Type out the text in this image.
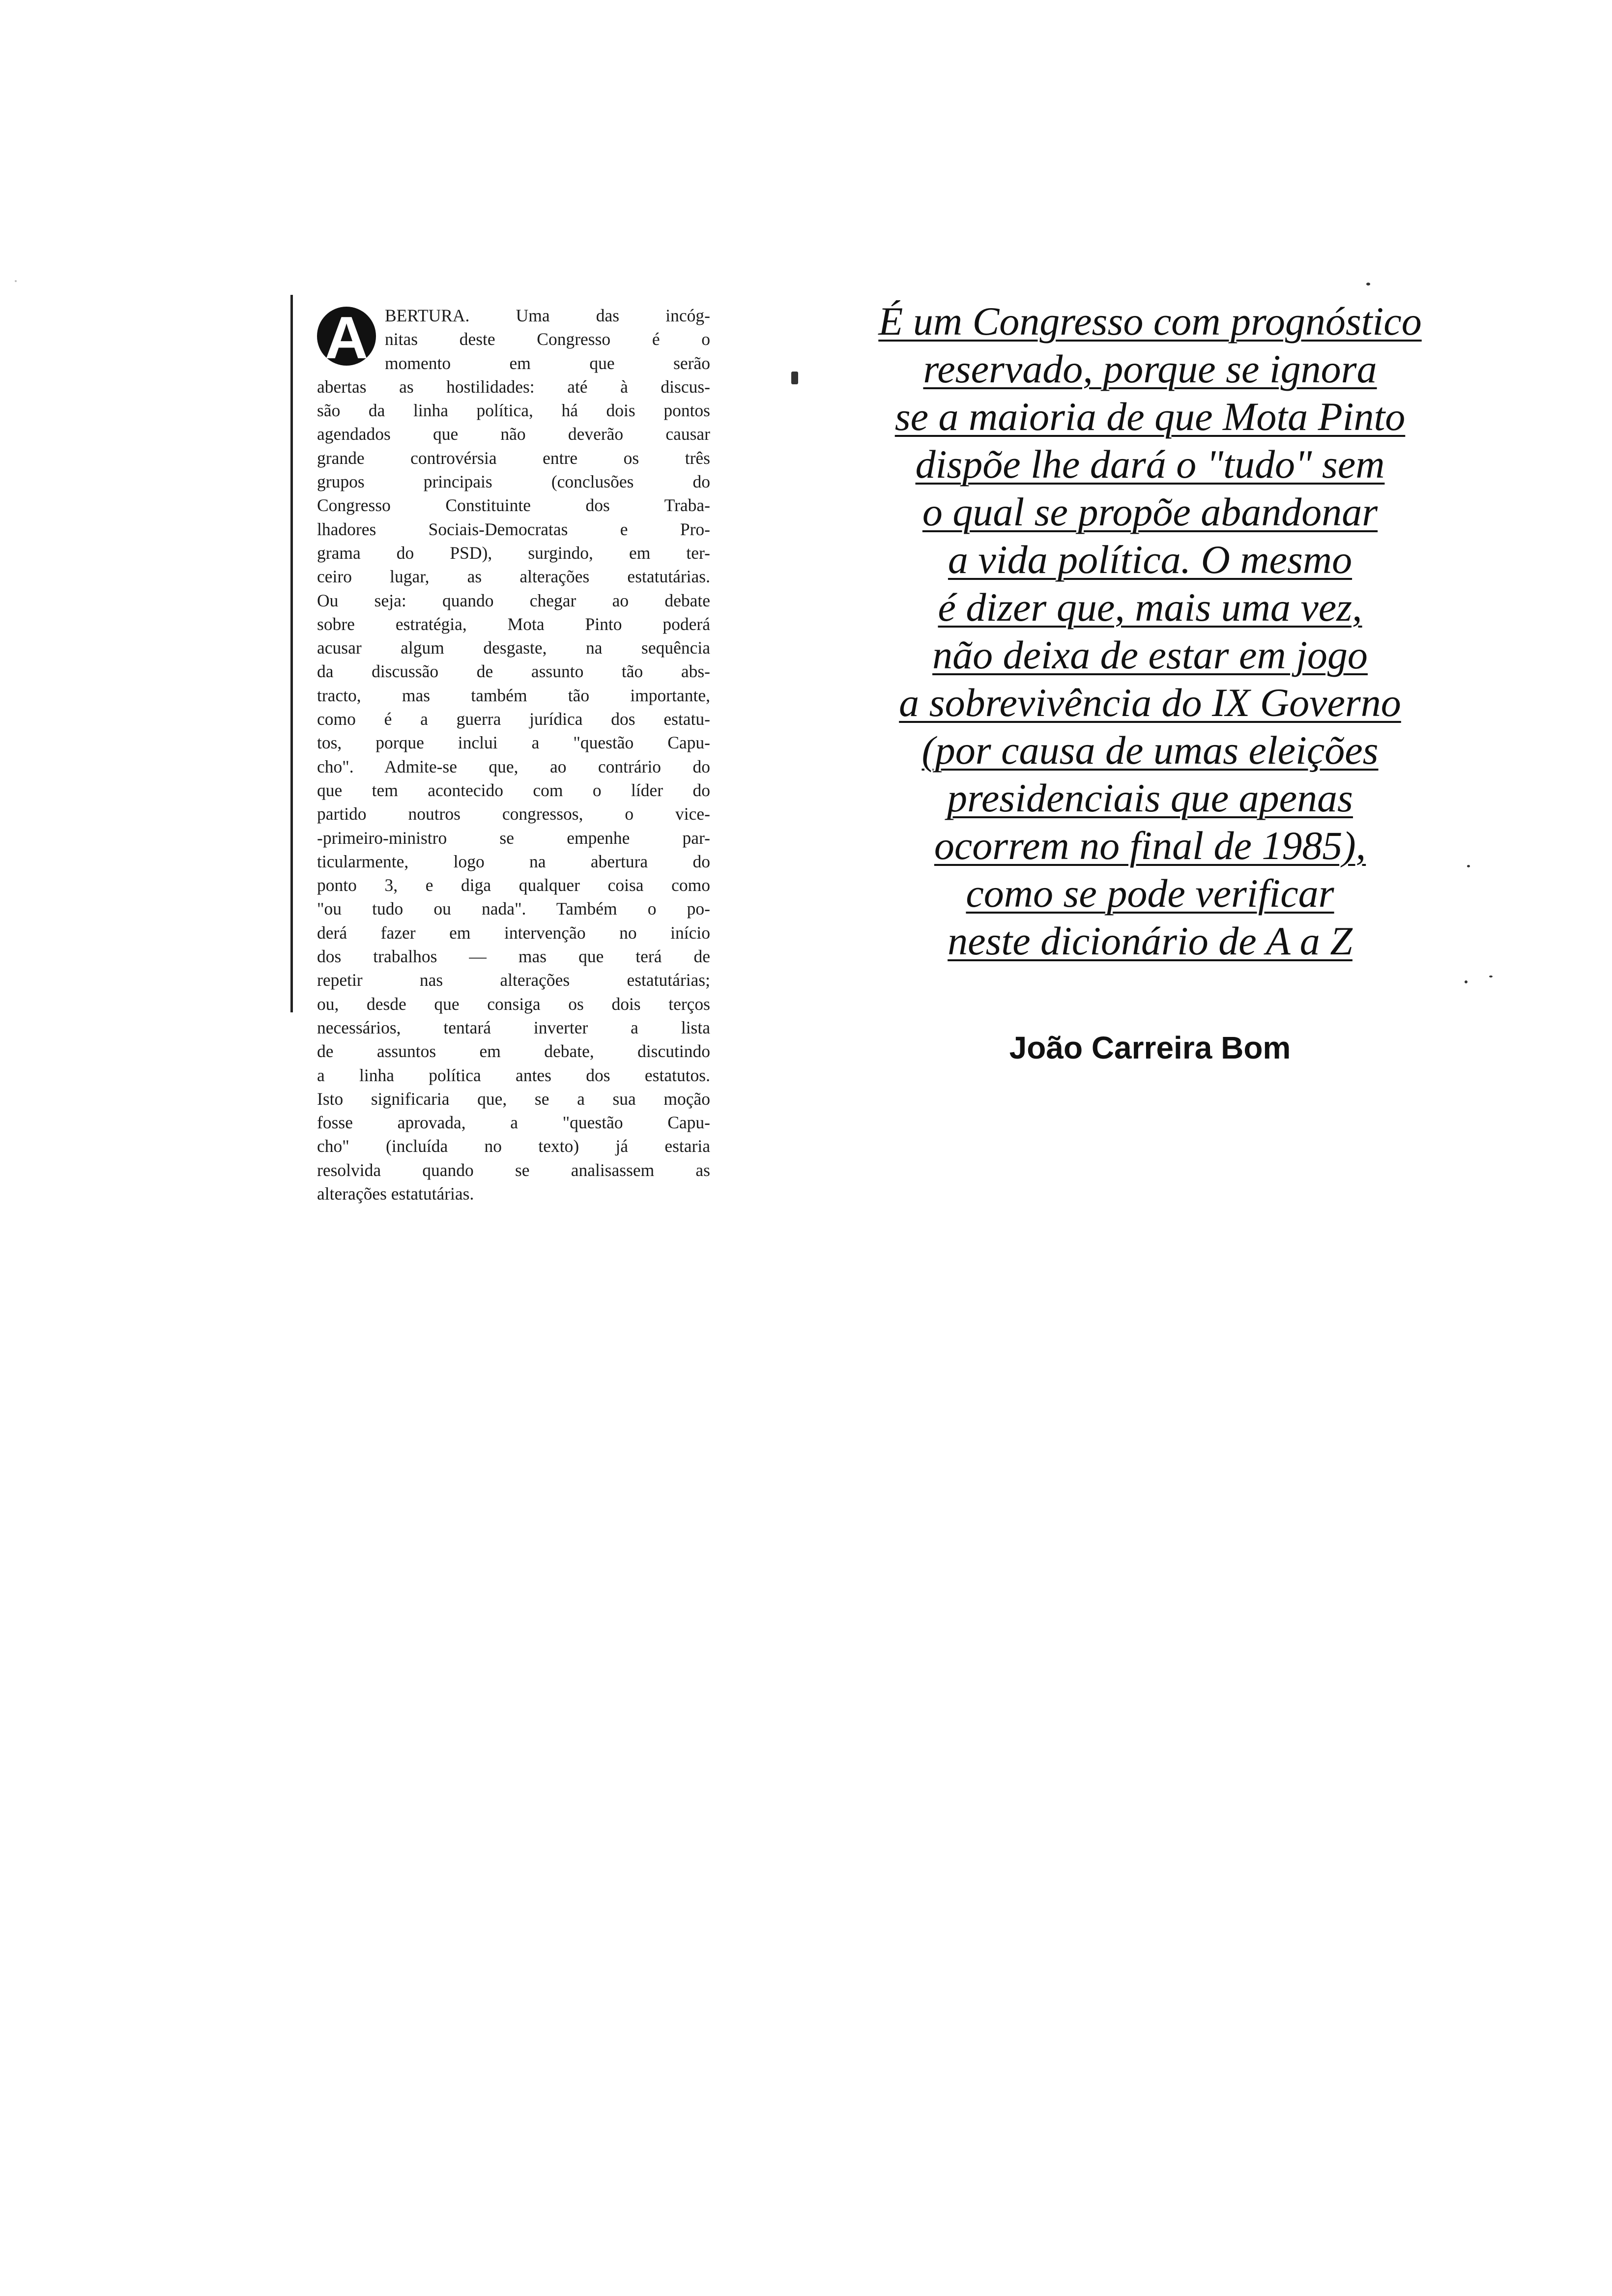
A BERTURA. Uma das incóg-
nitas deste Congresso é o
momento em que serão
abertas as hostilidades: até à discus-
são da linha política, há dois pontos
agendados que não deverão causar
grande controvérsia entre os três
grupos principais (conclusões do
Congresso Constituinte dos Traba-
lhadores Sociais-Democratas e Pro-
grama do PSD), surgindo, em ter-
ceiro lugar, as alterações estatutárias.
Ou seja: quando chegar ao debate
sobre estratégia, Mota Pinto poderá
acusar algum desgaste, na sequência
da discussão de assunto tão abs-
tracto, mas também tão importante,
como é a guerra jurídica dos estatu-
tos, porque inclui a "questão Capu-
cho". Admite-se que, ao contrário do
que tem acontecido com o líder do
partido noutros congressos, o vice-
-primeiro-ministro se empenhe par-
ticularmente, logo na abertura do
ponto 3, e diga qualquer coisa como
"ou tudo ou nada". Também o po-
derá fazer em intervenção no início
dos trabalhos — mas que terá de
repetir nas alterações estatutárias;
ou, desde que consiga os dois terços
necessários, tentará inverter a lista
de assuntos em debate, discutindo
a linha política antes dos estatutos.
Isto significaria que, se a sua moção
fosse aprovada, a "questão Capu-
cho" (incluída no texto) já estaria
resolvida quando se analisassem as
alterações estatutárias.
É um Congresso com prognóstico
reservado, porque se ignora
se a maioria de que Mota Pinto
dispõe lhe dará o "tudo" sem
o qual se propõe abandonar
a vida política. O mesmo
é dizer que, mais uma vez,
não deixa de estar em jogo
a sobrevivência do IX Governo
(por causa de umas eleições
presidenciais que apenas
ocorrem no final de 1985),
como se pode verificar
neste dicionário de A a Z
João Carreira Bom
